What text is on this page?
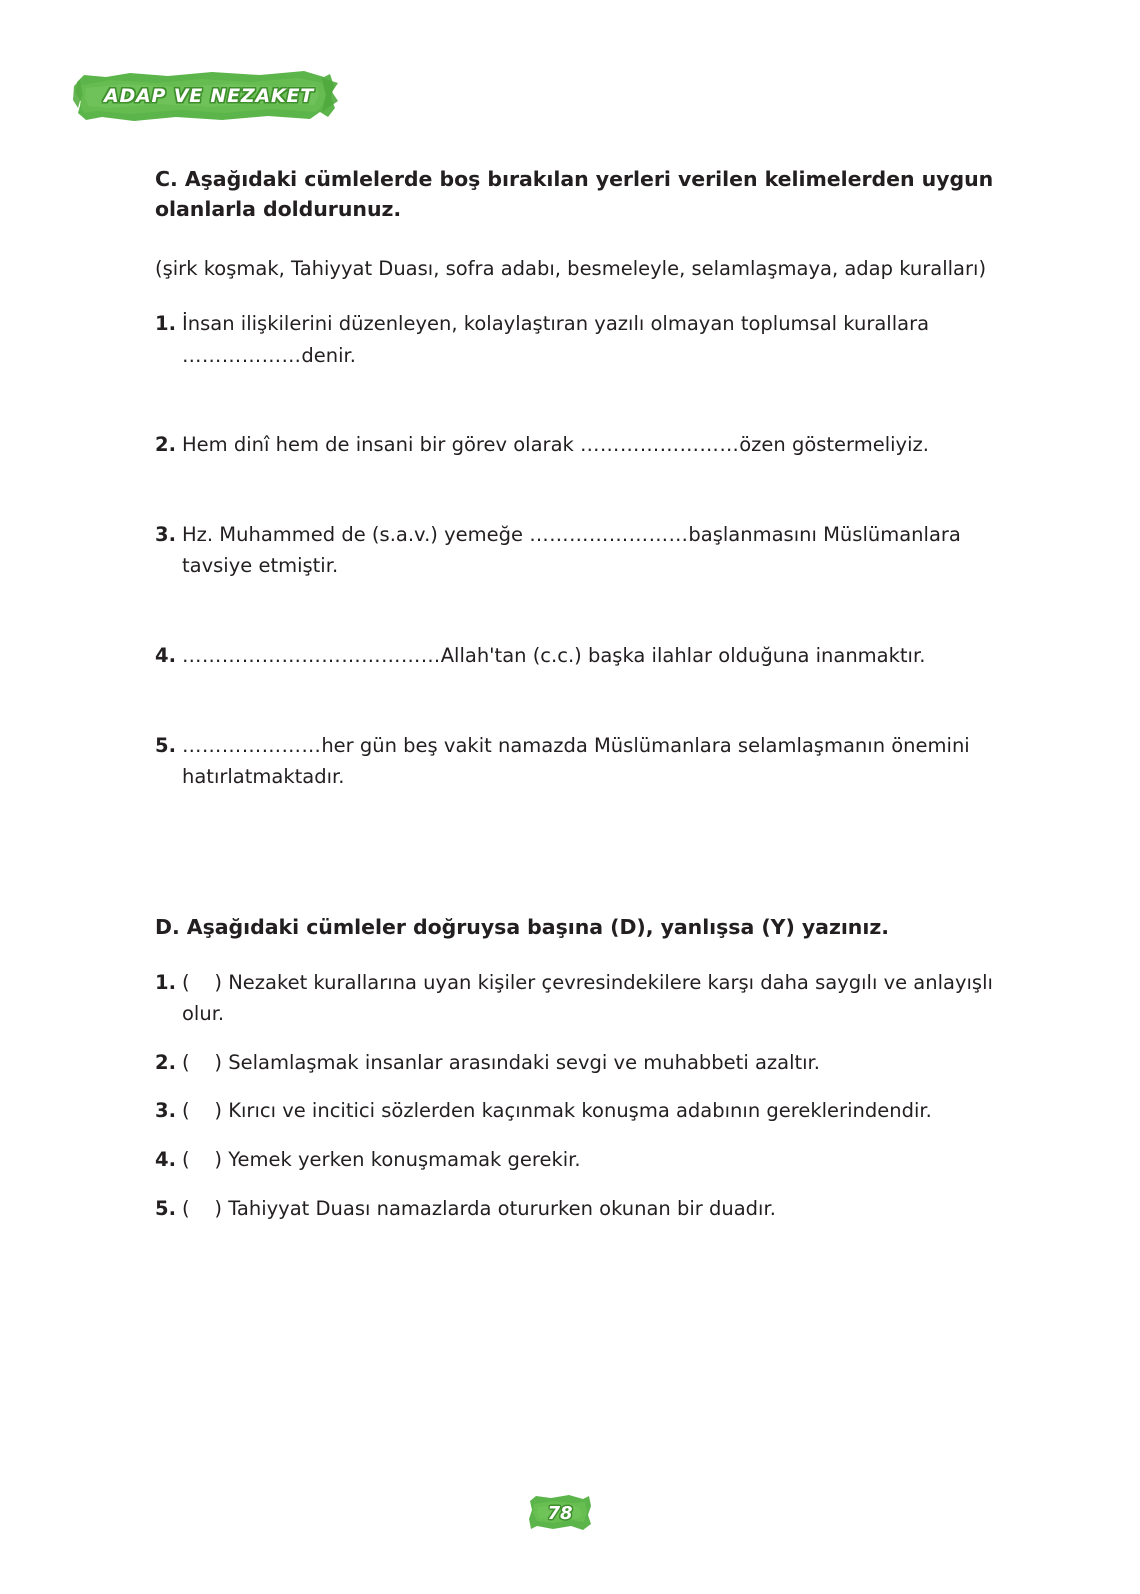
ADAP VE NEZAKET
C. Aşağıdaki cümlelerde boş bırakılan yerleri verilen kelimelerden uygun olanlarla doldurunuz.
(şirk koşmak, Tahiyyat Duası, sofra adabı, besmeleyle, selamlaşmaya, adap kuralları)
1. İnsan ilişkilerini düzenleyen, kolaylaştıran yazılı olmayan toplumsal kurallara ………………denir.
2. Hem dinî hem de insani bir görev olarak ……………………özen göstermeliyiz.
3. Hz. Muhammed de (s.a.v.) yemeğe ……………………başlanmasını Müslümanlara tavsiye etmiştir.
4. …………………………………Allah'tan (c.c.) başka ilahlar olduğuna inanmaktır.
5. …………………her gün beş vakit namazda Müslümanlara selamlaşmanın önemini hatırlatmaktadır.
D. Aşağıdaki cümleler doğruysa başına (D), yanlışsa (Y) yazınız.
1. (    ) Nezaket kurallarına uyan kişiler çevresindekilere karşı daha saygılı ve anlayışlı olur.
2. (    ) Selamlaşmak insanlar arasındaki sevgi ve muhabbeti azaltır.
3. (    ) Kırıcı ve incitici sözlerden kaçınmak konuşma adabının gereklerindendir.
4. (    ) Yemek yerken konuşmamak gerekir.
5. (    ) Tahiyyat Duası namazlarda otururken okunan bir duadır.
78
